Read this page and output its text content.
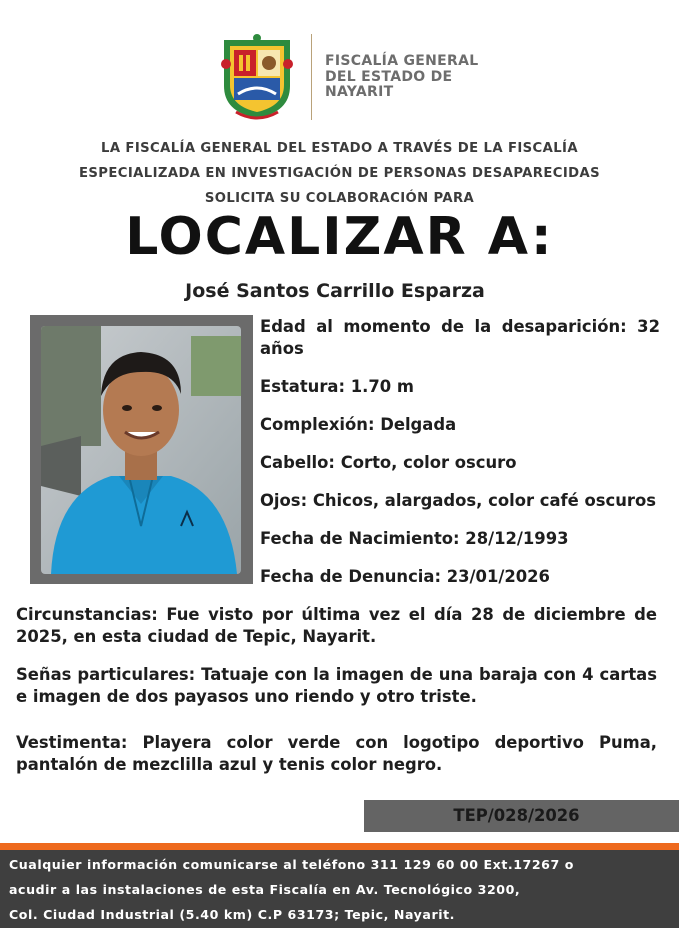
FISCALÍA GENERAL
DEL ESTADO DE
NAYARIT
LA FISCALÍA GENERAL DEL ESTADO A TRAVÉS DE LA FISCALÍA
ESPECIALIZADA EN INVESTIGACIÓN DE PERSONAS DESAPARECIDAS
SOLICITA SU COLABORACIÓN PARA
LOCALIZAR A:
José Santos Carrillo Esparza
Edad al momento de la desaparición: 32 años
Estatura: 1.70 m
Complexión: Delgada
Cabello: Corto, color oscuro
Ojos: Chicos, alargados, color café oscuros
Fecha de Nacimiento: 28/12/1993
Fecha de Denuncia: 23/01/2026
Circunstancias: Fue visto por última vez el día 28 de diciembre de 2025, en esta ciudad de Tepic, Nayarit.
Señas particulares: Tatuaje con la imagen de una baraja con 4 cartas e imagen de dos payasos uno riendo y otro triste.
Vestimenta: Playera color verde con logotipo deportivo Puma, pantalón de mezclilla azul y tenis color negro.
TEP/028/2026
Cualquier información comunicarse al teléfono 311 129 60 00 Ext.17267 o
acudir a las instalaciones de esta Fiscalía en Av. Tecnológico 3200,
Col. Ciudad Industrial (5.40 km) C.P 63173; Tepic, Nayarit.
